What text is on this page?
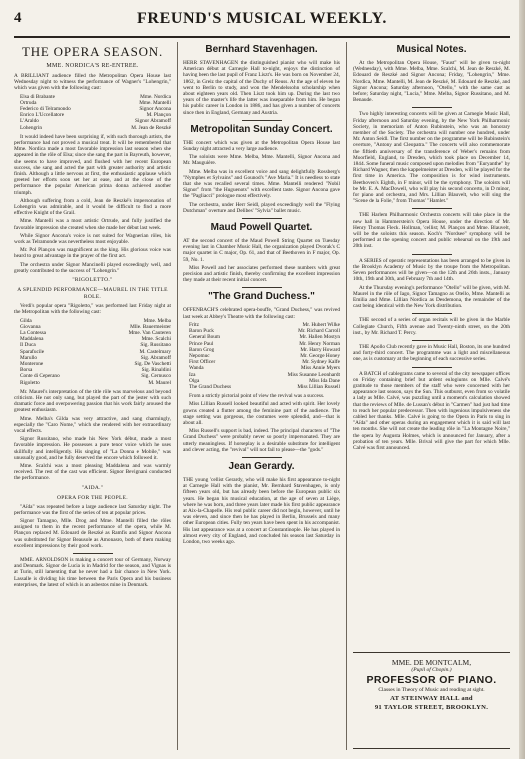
4	FREUND'S MUSICAL WEEKLY.
THE OPERA SEASON.
MME. NORDICA'S RE-ENTREE.

A BRILLIANT audience filled the Metropolitan Opera House last Wednesday night to witness the performance of Wagner's "Lohengrin," which was given with the following cast:

Elsa di Brabante	Mme. Nordica
Ortruda	Mme. Mantelli
Federico di Telramondo	Signor Ancona
Enrico L'Uccellatore	M. Plançon
L'Araldo	Signor Abramoff
Lohengrin	M. Jean de Reszké

It would indeed have been surprising if, with such thorough artists, the performance had not proved a musical treat. It will be remembered that Mme. Nordica made a most favorable impression last season when she appeared in the rôle of Elsa; since she sang the part in Bayreuth, however, she seems to have improved, and flushed with her recent European success, she sang and acted the part with greater authority and artistic finish. Although a little nervous at first, the enthusiastic applause which greeted her efforts soon set her at ease, and at the close of the performance the popular American prima donna achieved another triumph.

Although suffering from a cold, Jean de Reszké's impersonation of Lohengrin was admirable, and it would be difficult to find a more effective Knight of the Grail.

Mme. Mantelli was a most artistic Ortrude, and fully justified the favorable impression she created when she made her début last week.

While Signor Ancona's voice is not suited for Wagnerian rôles, his work as Telramonde was nevertheless most enjoyable.

Mr. Pol Plançon was magnificent as the king. His glorious voice was heard to great advantage in the prayer of the first act.

The orchestra under Signor Mancinelli played exceedingly well, and greatly contributed to the success of "Lohengrin."

"RIGOLETTO."
A SPLENDID PERFORMANCE—MAUREL IN THE TITLE ROLE.

Verdi's popular opera "Rigoletto," was performed last Friday night at the Metropolitan with the following cast:

Gilda	Mme. Melba
Giovanna	Mlle. Bauermeister
La Contessa	Mme. Van Cauteren
Maddalena	Mme. Scalchi
Il Duca	Sig. Russitano
Sparafucile	M. Castelmary
Marullo	Sig. Abramoff
Monterone	Sig. De Vaschetti
Borsa	Sig. Rinaldini
Conte di Ceperano	Sig. Cernusco
Rigoletto	M. Maurel

Mr. Maurel's interpretation of the title rôle was marvelous and beyond criticism. He not only sang, but played the part of the jester with such dramatic force and overpowering passion that his work fairly aroused the greatest enthusiasm.

Mme. Melba's Gilda was very attractive, and sang charmingly, especially the "Caro Nome," which she rendered with her extraordinary vocal effects.

Signor Russitano, who made his New York début, made a most favorable impression. He possesses a pure tenor voice which he uses skillfully and intelligently. His singing of "La Donna e Mobile," was unusually good, and he fully deserved the encore which followed it.

Mme. Scalchi was a most pleasing Maddalena and was warmly received. The rest of the cast was efficient. Signor Bevignani conducted the performance.

"AIDA."
OPERA FOR THE PEOPLE.

"Aïda" was repeated before a large audience last Saturday night. The performance was the first of the series of ten at popular prices.

Signor Tamagno, Mlle. Drog and Mme. Mantelli filled the rôles assigned to them in the recent performance of the opera, while M. Plançon replaced M. Edouard de Reszké as Ramfis and Signor Ancona was substituted for Signor Beausole as Amonasro, both of them making excellent impressions by their good work.

MME. ARNOLDSON is making a concert tour of Germany, Norway and Denmark. Signor de Lucia is in Madrid for the season, and Vignas is at Turin, still lamenting that he never had a fair chance in New York. Lassalle is dividing his time between the Paris Opera and his business enterprises, the latest of which is an asbestos mine in Denmark.

Bernhard Stavenhagen.

HERR STAVENHAGEN the distinguished pianist who will make his American début at Carnegie Hall to-night, enjoys the distinction of having been the last pupil of Franz Liszt's. He was born on November 24, 1862, in Greiz the capital of the Duchy of Reuss. At the age of eleven he went to Berlin to study, and won the Mendelssohn scholarship when about eighteen years old. Then Liszt took him up. During the last two years of the master's life the latter was inseparable from him. He began his public career in London in 1886, and has given a number of concerts since then in England, Germany and Austria.

Metropolitan Sunday Concert.

THE concert which was given at the Metropolitan Opera House last Sunday night attracted a very large audience.

The soloists were Mme. Melba, Mme. Mantelli, Signor Ancona and Mr. Mauguière.

Mme. Melba was in excellent voice and sang delightfully Rossberg's "Nymphes et Sylvains" and Gounod's "Ave Maria." It is needless to state that she was recalled several times. Mme. Mantelli rendered "Nobil Signor" from "the Huguenots" with excellent taste. Signor Ancona gave the "Pagliacci" prologue most effectively.

The orchestra, under Herr Seidl, played exceedingly well the "Flying Dutchman" overture and Delibes' "Sylvia" ballet music.

Maud Powell Quartet.

AT the second concert of the Maud Powell String Quartet on Tuesday evening last in Chamber Music Hall, the organization played Dvorak's C major quartet in C major, Op. 61, and that of Beethoven in F major, Op. 59, No. 1.

Miss Powell and her associates performed these numbers with great precision and artistic finish, thereby confirming the excellent impression they made at their recent initial concert.

"The Grand Duchess."

OFFENBACH'S celebrated opera-bouffe, "Grand Duchess," was revived last week at Abbey's Theatre with the following cast:

Fritz	Mr. Hubert Wilke
Baron Puck	Mr. Richard Carroll
General Boum	Mr. Hallen Mostyn
Prince Paul	Mr. Henry Norman
Baron Grog	Mr. Harry Howard
Nepomuc	Mr. George Honey
First Officer	Mr. Sydney Kalfe
Wanda	Miss Annie Myers
Iza	Miss Susanne Leonhardt
Olga	Miss Ida Dane
The Grand Duchess	Miss Lillian Russell

From a strictly pictorial point of view the revival was a success.

Miss Lillian Russell looked beautiful and acted with spirit. Her lovely gowns created a flutter among the feminine part of the audience. The stage setting was gorgeous, the costumes were splendid, and—that is about all.

Miss Russell's support is bad, indeed. The principal characters of "The Grand Duchess" were probably never so poorly impersonated. They are utterly meaningless. If horseplay is a desirable substitute for intelligent and clever acting, the "revival" will not fail to please—the "gods."

Jean Gerardy.

THE young 'cellist Gerardy, who will make his first appearance to-night at Carnegie Hall with the pianist, Mr. Bernhard Stavenhagen, is only fifteen years old, but has already been before the European public six years. He began his musical education, at the age of seven at Liège, where he was born, and three years later made his first public appearance at Aix-la-Chapelle. His real public career did not begin, however, until he was eleven, and since then he has played in Berlin, Brussels and many other European cities. Fully ten years have been spent in his accompanist. His last appearance was at a concert at Constantinople. He has played in almost every city of England, and concluded his season last Saturday in London, two weeks ago.

Musical Notes.

At the Metropolitan Opera House, "Faust" will be given to-night (Wednesday), with Mme. Melba, Mme. Scalchi, M. Jean de Reszké, M. Edouard de Reszké and Signor Ancona; Friday, "Lohengrin," Mme. Nordica, Mme. Mantelli, M. Jean de Reszké, M. Edouard de Reszké, and Signor Ancona; Saturday afternoon, "Otello," with the same cast as before; Saturday night, "Lucia," Mme. Melba, Signor Russitano, and M. Benaude.

Two highly interesting concerts will be given at Carnegie Music Hall, Friday afternoon and Saturday evening, by the New York Philharmonic Society, in memoriam of Anton Rubinstein, who was an honorary member of the Society. The orchestra will number one hundred, under Mr. Anton Seidl. The first number on the programme will be Rubinstein's overture, "Antony and Cleopatra." The concerts will also commemorate the fiftieth anniversary of the transference of Weber's remains from Moorfield, England, to Dresden, which took place on December 14, 1844. Some funeral music composed upon melodies from "Euryanthe" by Richard Wagner, then the kappelmeister at Dresden, will be played for the first time in America. The composition is for wind instruments. Beethoven's Eighth, in F minor, will be the symphony. The soloists will be Mr. E. A. MacDowell, who will play his second concerto, in D minor, for piano and orchestra, and Mrs. Lillian Blauvelt, who will sing the "Scene de la Folie," from Thomas' "Hamlet."

THE Harlem Philharmonic Orchestra concerts will take place in the new hall in Hammerstein's Opera House, under the direction of Mr. Henry Thomas Fleck. Hollman, 'cellist; M. Plançon and Mme. Blauvelt, will be the soloists this season. Koch's "Nordsee" symphony will be performed at the opening concert and public rehearsal on the 19th and 20th inst.

A SERIES of operatic representations has been arranged to be given in the Brooklyn Academy of Music by the troupe from the Metropolitan. Seven performances will be given—on the 12th and 26th insts., January 10th, 19th and 30th, and February 7th and 14th.

At the Thursday evening's performance "Otello" will be given, with M. Maurel in the rôle of Iago, Signor Tamagno as Otello, Mme. Mantelli as Emilia and Mme. Lillian Nordica as Desdemona, the remainder of the cast being identical with the New York distribution.

THE second of a series of organ recitals will be given in the Marble Collegiate Church, Fifth avenue and Twenty-ninth street, on the 20th inst., by Mr. Richard T. Percy.

THE Apollo Club recently gave in Music Hall, Boston, its one hundred and forty-third concert. The programme was a light and miscellaneous one, as is customary at the beginning of each successive series.

A BATCH of cablegrams came to several of the city newspaper offices on Friday containing brief but ardent eulogiums on Mlle. Calvé's gratitude to those members of the staff who were concerned with her appearance last season, says the Sun. This outburst, even from so volatile a lady as Mlle. Calvé, was puzzling until a moment's calculation showed that the reviews of Mlle. de Lussan's début in "Carmen" had just had time to reach her popular predecessor. Then with ingenious impulsiveness she cabled her thanks. Mlle. Calvé is going to the Opera in Paris to sing in "Aïda" and other operas during an engagement which it is said will last ten months. She will not create the leading rôle in "La Montagne Noire," the opera by Augusta Holmes, which is announced for January, after a probation of ten years. Mlle. Brival will give the part for which Mlle. Calvé was first announced.

MME. DE MONTCALM,
(Pupil of Chopin.)
PROFESSOR OF PIANO.
Classes in Theory of Music and reading at sight.
AT STEINWAY HALL and
91 TAYLOR STREET, BROOKLYN.
